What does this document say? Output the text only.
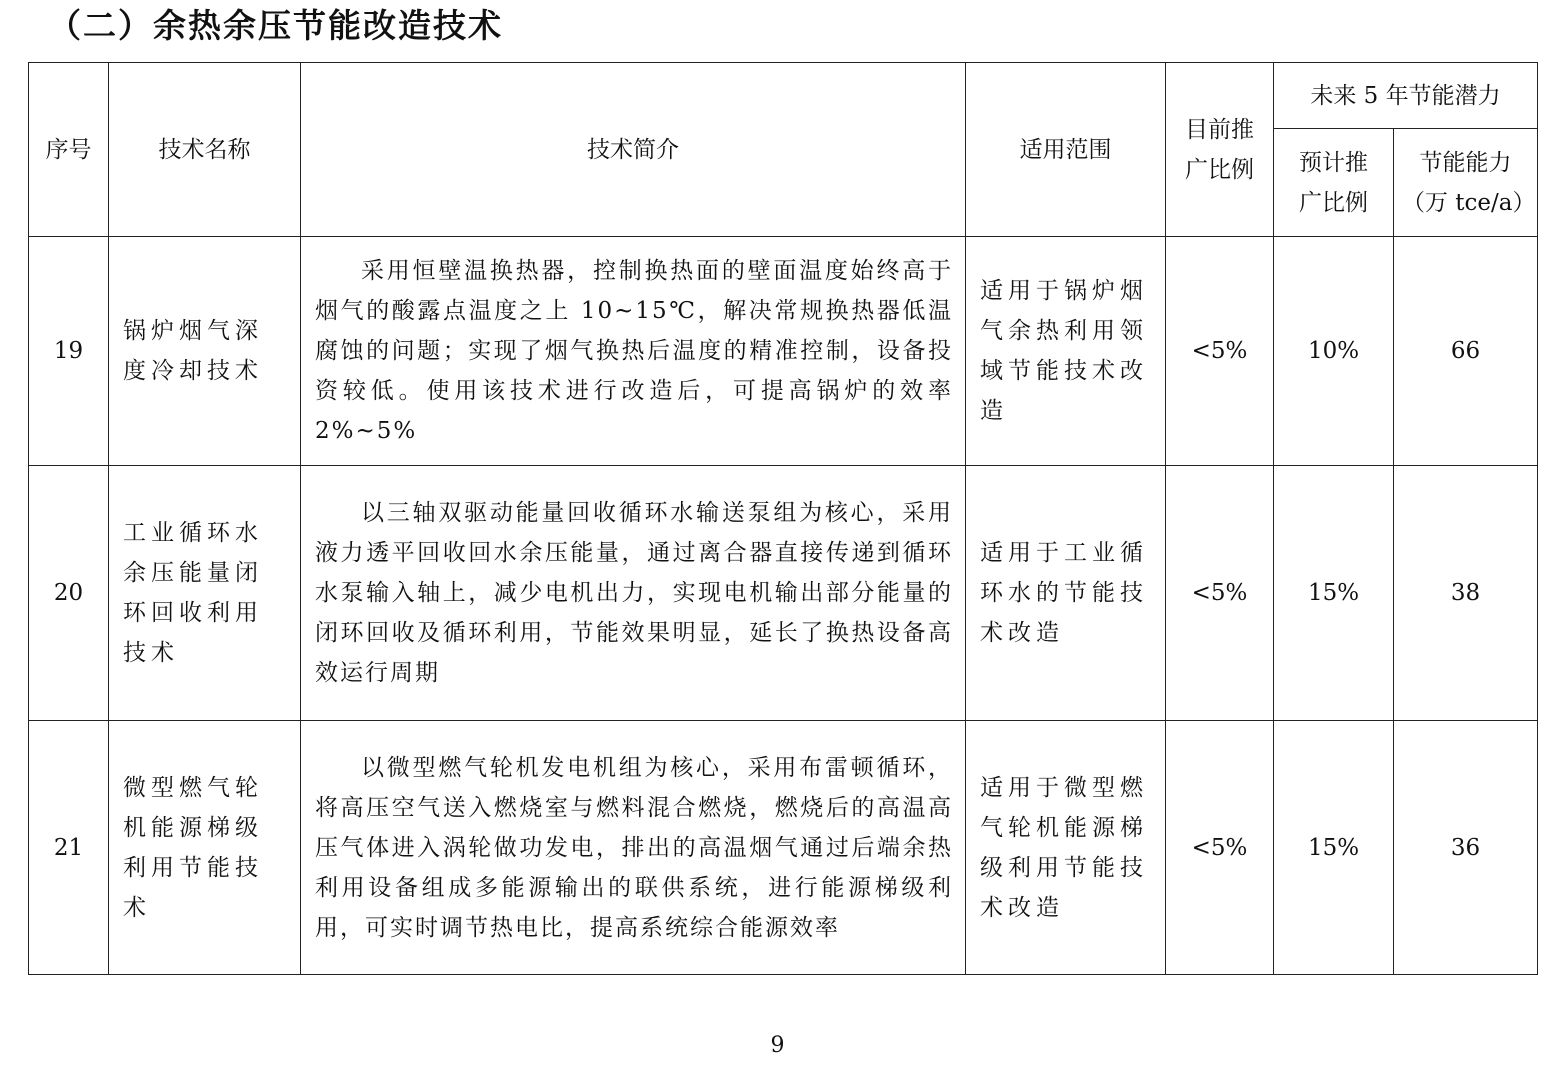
（二）余热余压节能改造技术
序号	技术名称	技术简介	适用范围	目前推广比例	未来 5 年节能潜力	
					预计推广比例	节能能力（万 tce/a）
19	锅炉烟气深度冷却技术	采用恒壁温换热器，控制换热面的壁面温度始终高于烟气的酸露点温度之上 10~15℃，解决常规换热器低温腐蚀的问题；实现了烟气换热后温度的精准控制，设备投资较低。使用该技术进行改造后，可提高锅炉的效率 2%~5%	适用于锅炉烟气余热利用领域节能技术改造	<5%	10%	66
20	工业循环水余压能量闭环回收利用技术	以三轴双驱动能量回收循环水输送泵组为核心，采用液力透平回收回水余压能量，通过离合器直接传递到循环水泵输入轴上，减少电机出力，实现电机输出部分能量的闭环回收及循环利用，节能效果明显，延长了换热设备高效运行周期	适用于工业循环水的节能技术改造	<5%	15%	38
21	微型燃气轮机能源梯级利用节能技术	以微型燃气轮机发电机组为核心，采用布雷顿循环，将高压空气送入燃烧室与燃料混合燃烧，燃烧后的高温高压气体进入涡轮做功发电，排出的高温烟气通过后端余热利用设备组成多能源输出的联供系统，进行能源梯级利用，可实时调节热电比，提高系统综合能源效率	适用于微型燃气轮机能源梯级利用节能技术改造	<5%	15%	36
9
